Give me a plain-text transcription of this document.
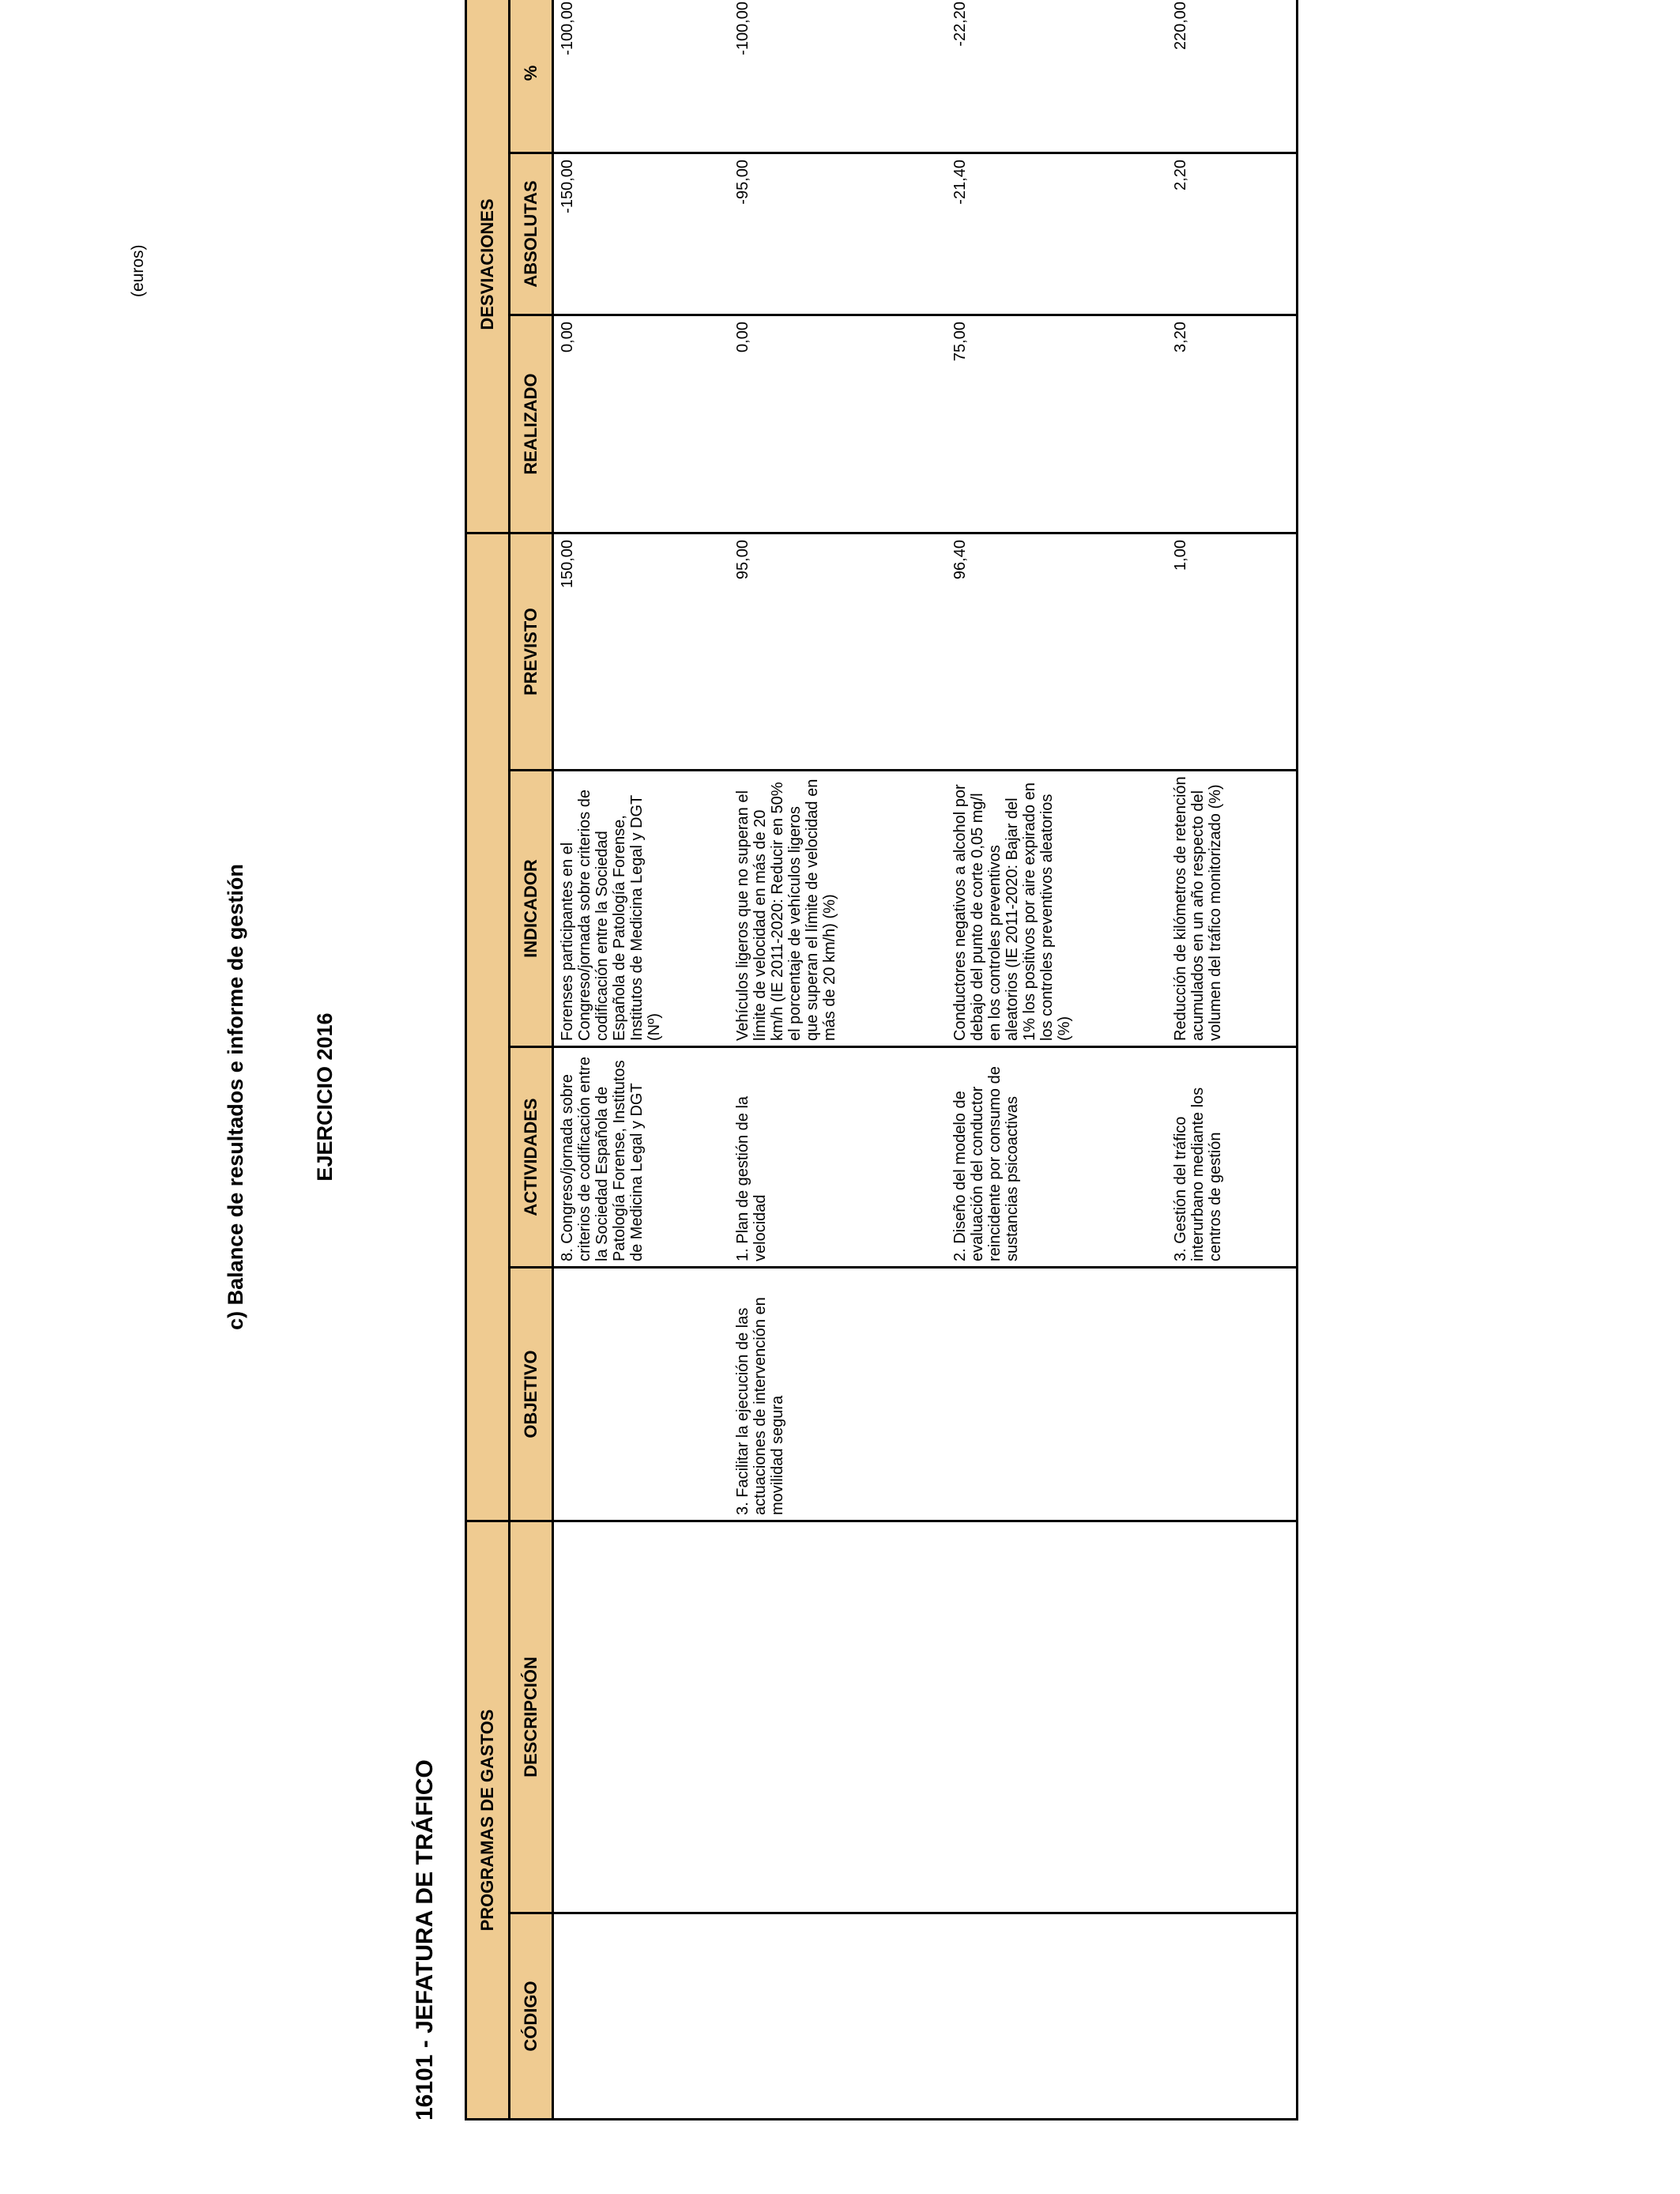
c) Balance de resultados e informe de gestión	EJERCICIO 2016
16101 - JEFATURA DE TRÁFICO
(euros)
PROGRAMAS DE GASTOS
DESVIACIONES
CÓDIGO
DESCRIPCIÓN
OBJETIVO
ACTIVIDADES
INDICADOR
PREVISTO
REALIZADO
ABSOLUTAS
%
8. Congreso/jornada sobre criterios de codificación entre la Sociedad Española de Patología Forense, Institutos de Medicina Legal y DGT
Forenses participantes en el Congreso/jornada sobre criterios de codificación entre la Sociedad Española de Patología Forense, Institutos de Medicina Legal y DGT (Nº)
150,00
0,00
-150,00
-100,00
3. Facilitar la ejecución de las actuaciones de intervención en movilidad segura
1. Plan de gestión de la velocidad
Vehículos ligeros que no superan el límite de velocidad en más de 20 km/h (IE 2011-2020: Reducir en 50% el porcentaje de vehículos ligeros que superan el límite de velocidad en más de 20 km/h) (%)
95,00
0,00
-95,00
-100,00
2. Diseño del modelo de evaluación del conductor reincidente por consumo de sustancias psicoactivas
Conductores negativos a alcohol por debajo del punto de corte 0,05 mg/l en los controles preventivos aleatorios (IE 2011-2020: Bajar del 1% los positivos por aire expirado en los controles preventivos aleatorios (%)
96,40
75,00
-21,40
-22,20
3. Gestión del tráfico interurbano mediante los centros de gestión
Reducción de kilómetros de retención acumulados en un año respecto del volumen del tráfico monitorizado (%)
1,00
3,20
2,20
220,00
